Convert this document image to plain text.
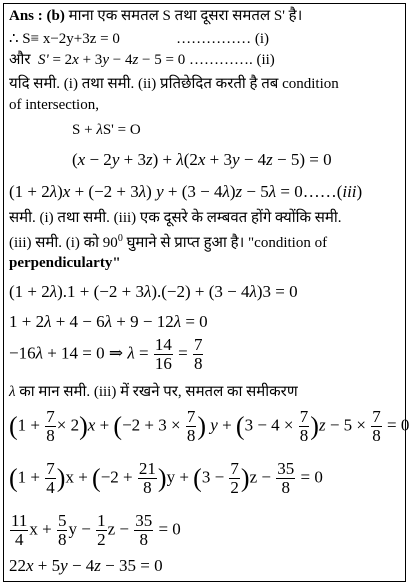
Ans : (b) माना एक समतल S तथा दूसरा समतल S' है।
∴ S≡ x−2y+3z = 0               …………… (i)
और  S' = 2x + 3y − 4z − 5 = 0 …………. (ii)
यदि समी. (i) तथा समी. (ii) प्रतिछेदित करती है तब condition
of intersection,
S + λS' = O
(x − 2y + 3z) + λ(2x + 3y − 4z − 5) = 0
(1 + 2λ)x + (−2 + 3λ) y + (3 − 4λ)z − 5λ = 0……(iii)
समी. (i) तथा समी. (iii) एक दूसरे के लम्बवत होंगे क्योंकि समी.
(iii) समी. (i) को $90^0$ घुमाने से प्राप्त हुआ है। "condition of
perpendicularty"
(1 + 2λ).1 + (−2 + 3λ).(−2) + (3 − 4λ)3 = 0
1 + 2λ + 4 − 6λ + 9 − 12λ = 0
−16λ + 14 = 0 ⇒ $\lambda = \frac{14}{16} = \frac{7}{8}$
λ का मान समी. (iii) में रखने पर, समतल का समीकरण
$(1 + \frac{7}{8} \times 2)x + (-2 + 3 \times \frac{7}{8}$ ) $y + (3 - 4 \times \frac{7}{8} )z - 5 \times \frac{7}{8} = 0$
$(1 + \frac{7}{4} )x + (-2 + \frac{21}{8} )y + (3 - \frac{7}{2} )z - \frac{35}{8} = 0$
$\frac{11}{4}$ $x + \frac{5}{8}$ $y - \frac{1}{2}$ $z - \frac{35}{8} = 0$
22x + 5y − 4z − 35 = 0
